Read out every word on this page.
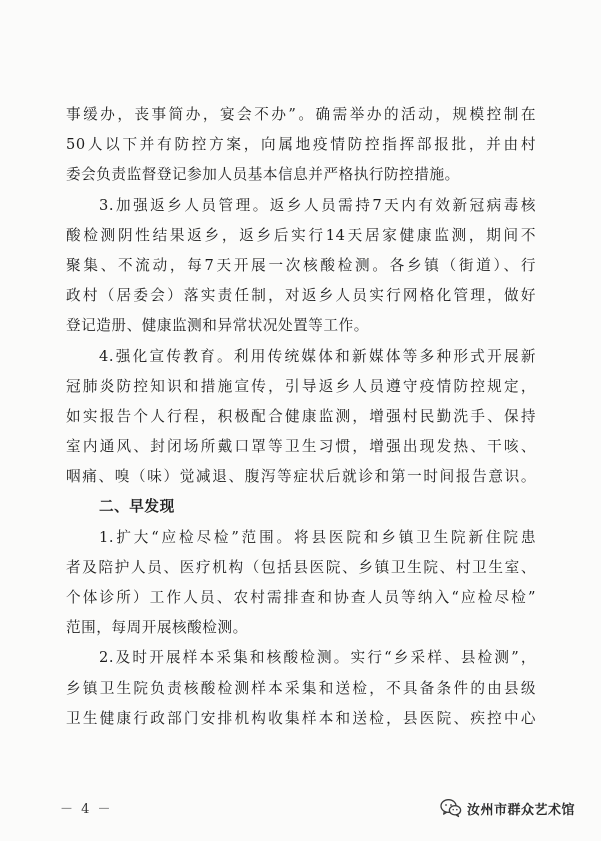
事缓办，丧事简办，宴会不办”。确需举办的活动，规模控制在
50人以下并有防控方案，向属地疫情防控指挥部报批，并由村
委会负责监督登记参加人员基本信息并严格执行防控措施。
3.加强返乡人员管理。返乡人员需持7天内有效新冠病毒核
酸检测阴性结果返乡，返乡后实行14天居家健康监测，期间不
聚集、不流动，每7天开展一次核酸检测。各乡镇（街道）、行
政村（居委会）落实责任制，对返乡人员实行网格化管理，做好
登记造册、健康监测和异常状况处置等工作。
4.强化宣传教育。利用传统媒体和新媒体等多种形式开展新
冠肺炎防控知识和措施宣传，引导返乡人员遵守疫情防控规定，
如实报告个人行程，积极配合健康监测，增强村民勤洗手、保持
室内通风、封闭场所戴口罩等卫生习惯，增强出现发热、干咳、
咽痛、嗅（味）觉减退、腹泻等症状后就诊和第一时间报告意识。
二、早发现
1.扩大“应检尽检”范围。将县医院和乡镇卫生院新住院患
者及陪护人员、医疗机构（包括县医院、乡镇卫生院、村卫生室、
个体诊所）工作人员、农村需排查和协查人员等纳入“应检尽检”
范围，每周开展核酸检测。
2.及时开展样本采集和核酸检测。实行“乡采样、县检测”，
乡镇卫生院负责核酸检测样本采集和送检，不具备条件的由县级
卫生健康行政部门安排机构收集样本和送检，县医院、疾控中心
－ 4 －	汝州市群众艺术馆
